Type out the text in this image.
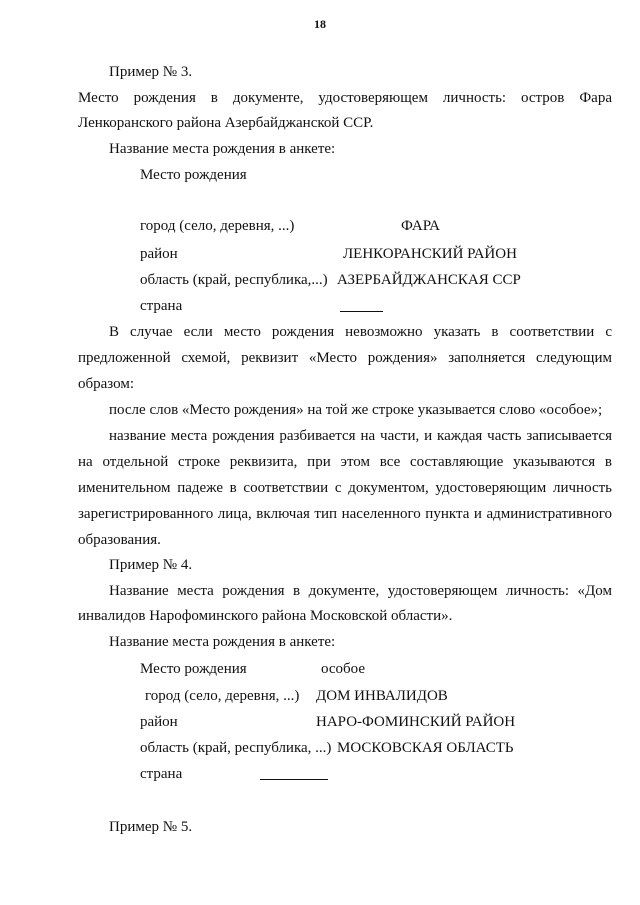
18
Пример № 3.
Место рождения в документе, удостоверяющем личность: остров Фара
Ленкоранского района Азербайджанской ССР.
Название места рождения в анкете:
Место рождения
город (село, деревня, ...)	ФАРА
район	ЛЕНКОРАНСКИЙ РАЙОН
область (край, республика,...) АЗЕРБАЙДЖАНСКАЯ ССР
страна
В случае если место рождения невозможно указать в соответствии с
предложенной схемой, реквизит «Место рождения» заполняется следующим
образом:
после слов «Место рождения» на той же строке указывается слово «особое»;
название места рождения разбивается на части, и каждая часть записывается
на отдельной строке реквизита, при этом все составляющие указываются в
именительном падеже в соответствии с документом, удостоверяющим личность
зарегистрированного лица, включая тип населенного пункта и административного
образования.
Пример № 4.
Название места рождения в документе, удостоверяющем личность: «Дом
инвалидов Нарофоминского района Московской области».
Название места рождения в анкете:
Место рождения	особое
город (село, деревня, ...) ДОМ ИНВАЛИДОВ
район	НАРО-ФОМИНСКИЙ РАЙОН
область (край, республика, ...) МОСКОВСКАЯ ОБЛАСТЬ
страна
Пример № 5.
